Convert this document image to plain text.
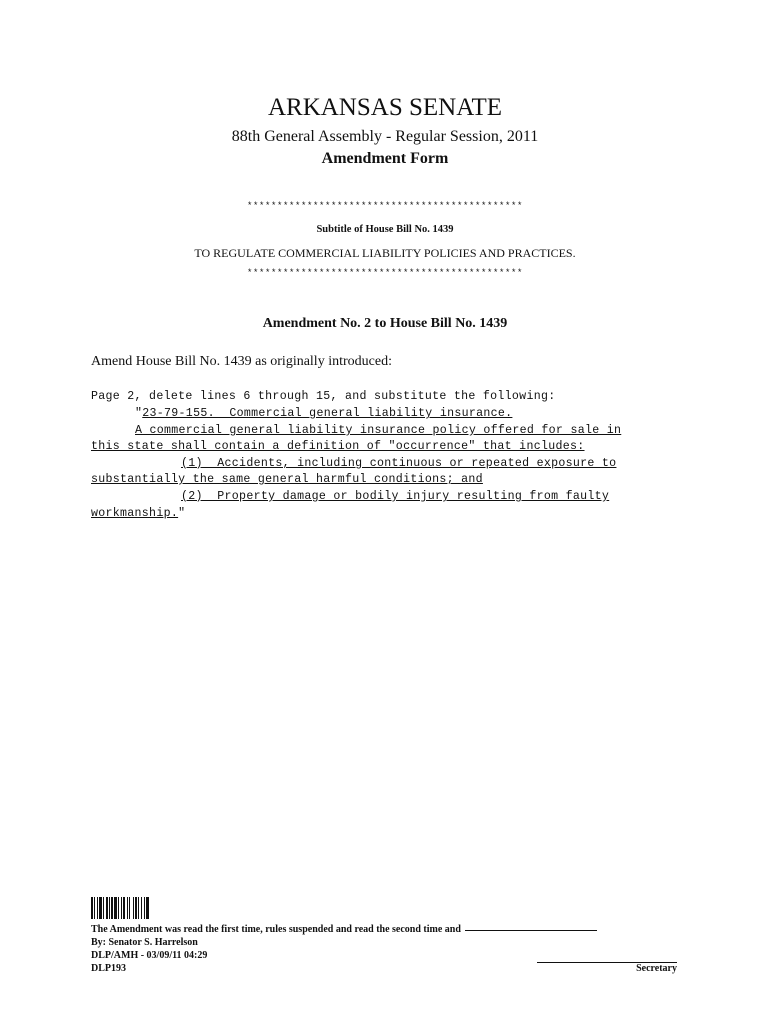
ARKANSAS SENATE
88th General Assembly - Regular Session, 2011
Amendment Form
**********************************************
Subtitle of House Bill No. 1439
TO REGULATE COMMERCIAL LIABILITY POLICIES AND PRACTICES.
**********************************************
Amendment No. 2 to House Bill No. 1439
Amend House Bill No. 1439 as originally introduced:
Page 2, delete lines 6 through 15, and substitute the following:
"23-79-155.  Commercial general liability insurance.
A commercial general liability insurance policy offered for sale in
this state shall contain a definition of "occurrence" that includes:
(1)  Accidents, including continuous or repeated exposure to
substantially the same general harmful conditions; and
(2)  Property damage or bodily injury resulting from faulty
workmanship."
The Amendment was read the first time, rules suspended and read the second time and
By: Senator S. Harrelson
DLP/AMH - 03/09/11 04:29
DLP193	Secretary
